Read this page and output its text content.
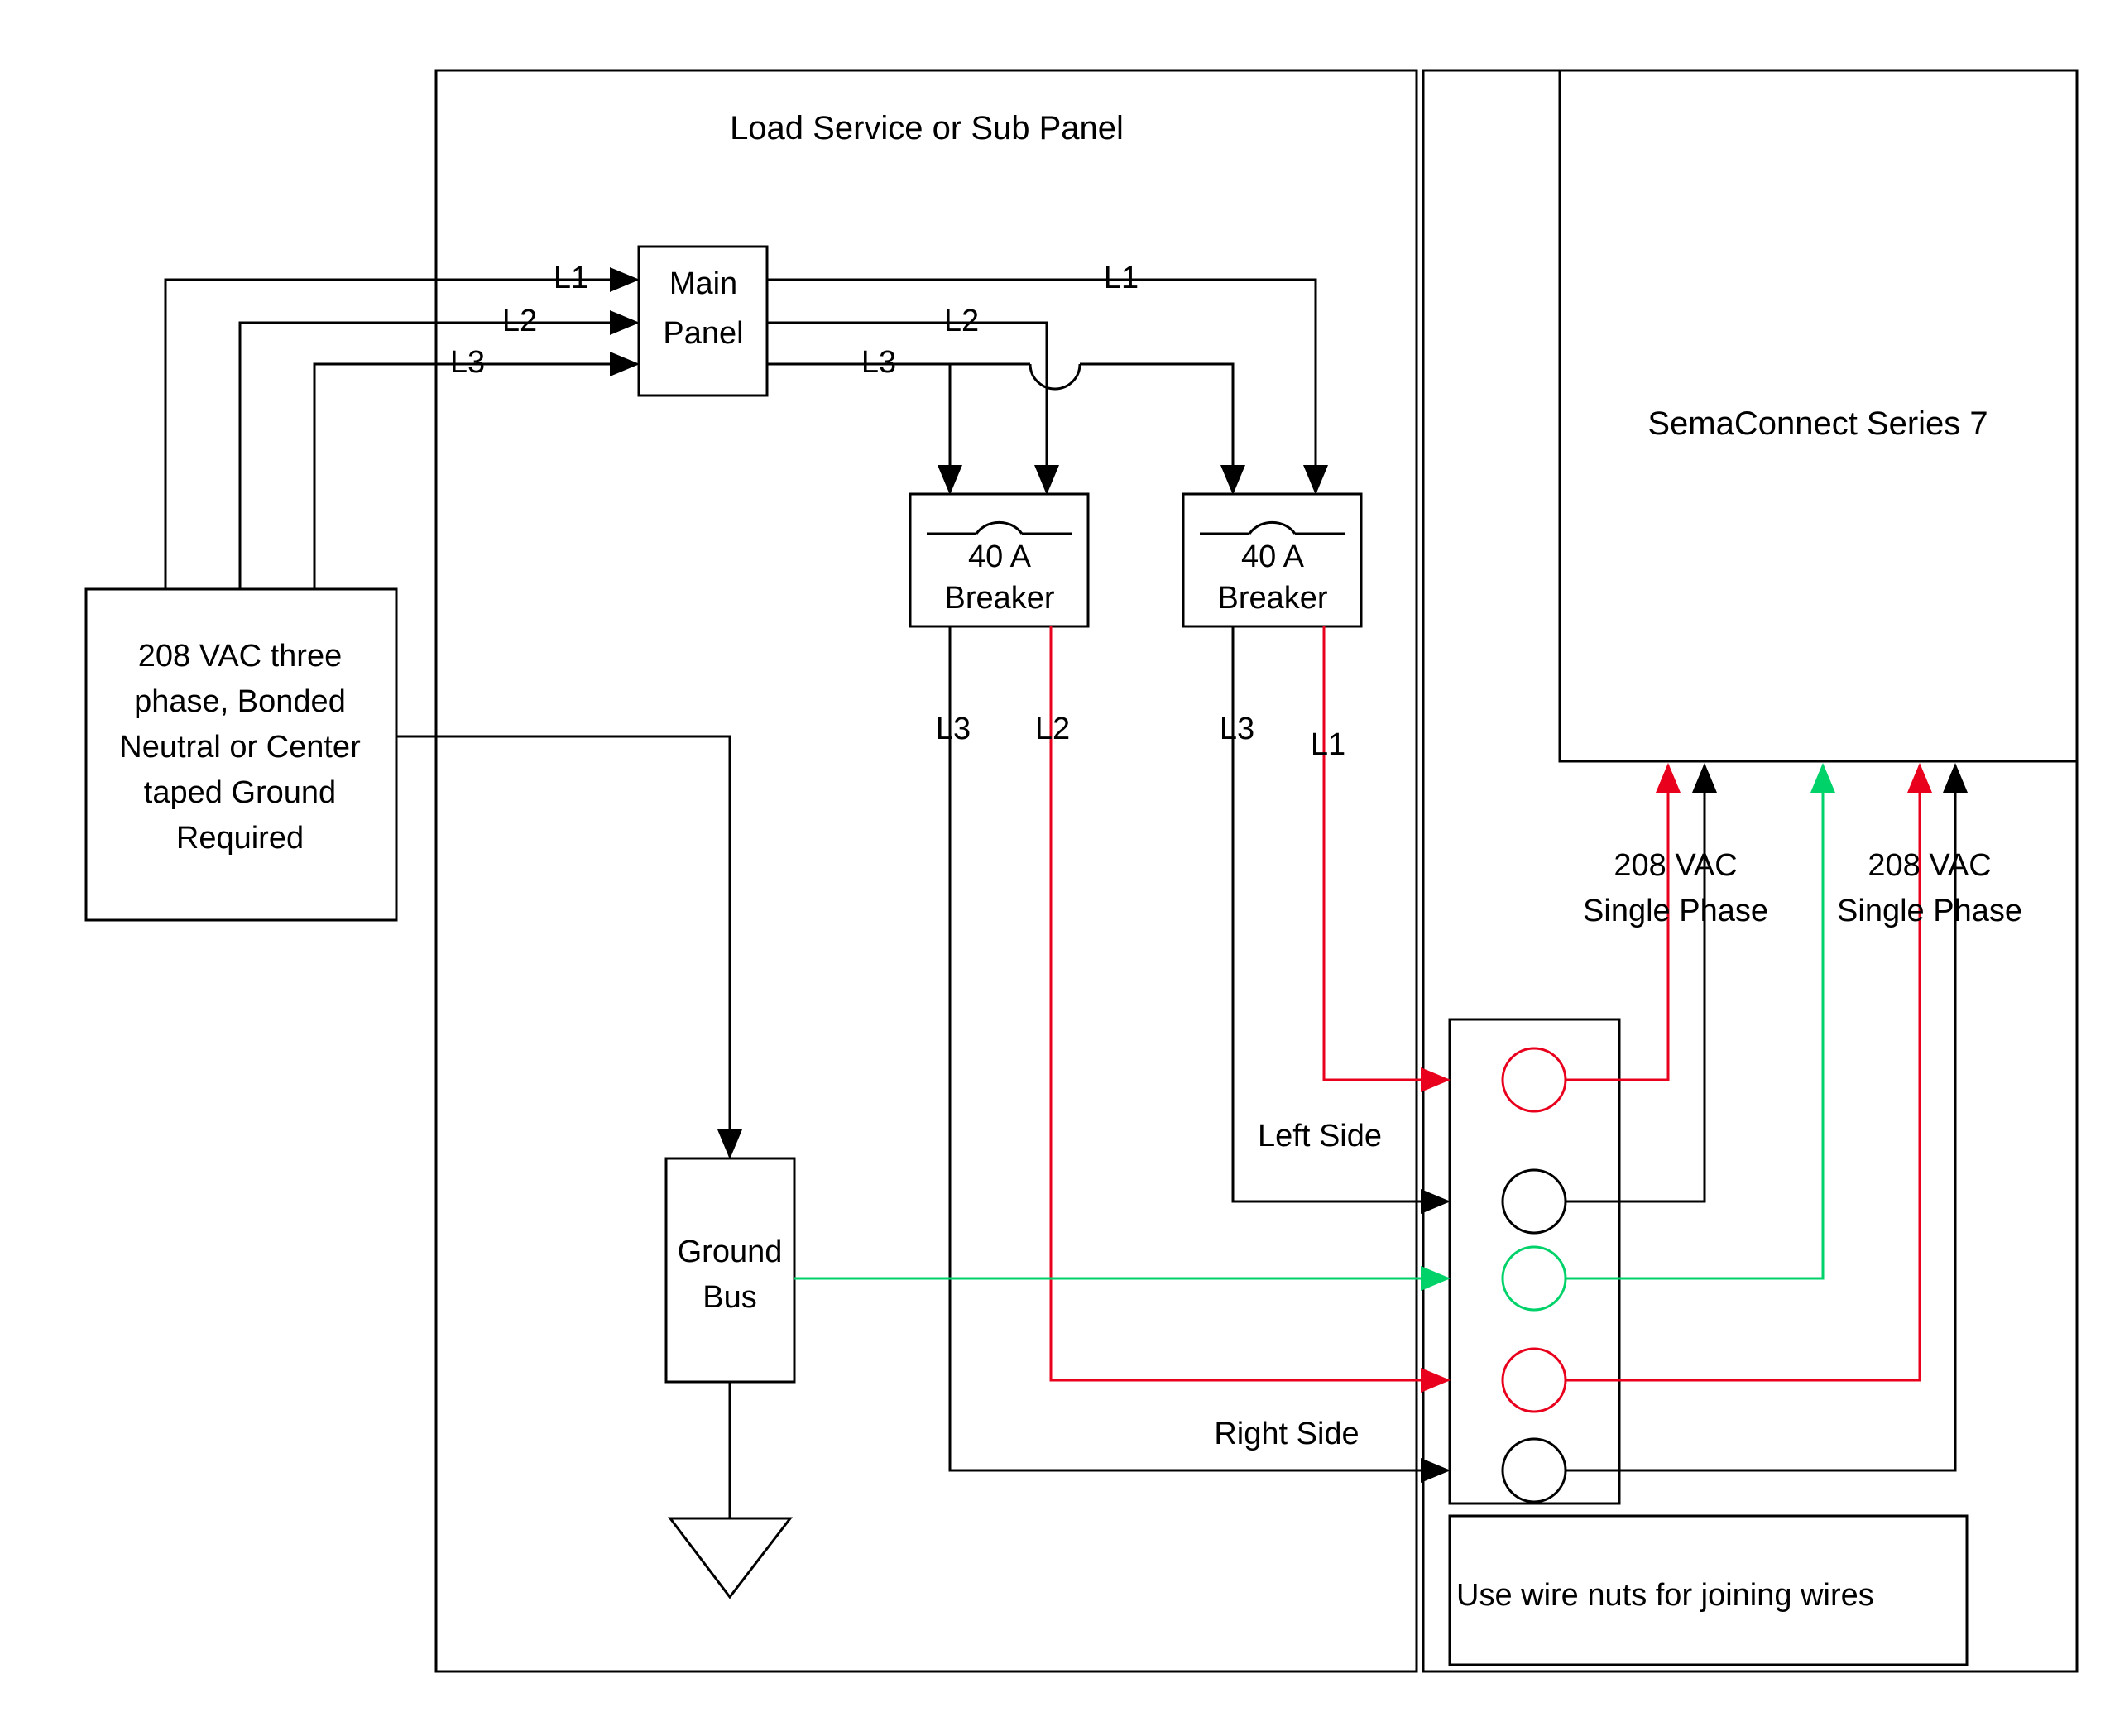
Load Service or Sub Panel
SemaConnect Series 7
Main
Panel
L1
L2
L3
L1
L2
L3
40 A
Breaker
40 A
Breaker
L3 L2	L3 L1
208 VAC three
phase, Bonded
Neutral or Center
taped Ground
Required
Ground
Bus
Left Side
Right Side
208 VAC
Single Phase
208 VAC
Single Phase
Use wire nuts for joining wires
